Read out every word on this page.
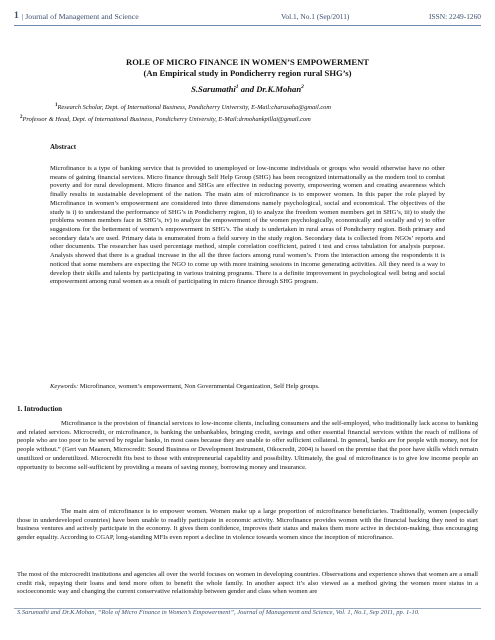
1 | Journal of Management and Science	Vol.1, No.1 (Sep/2011)	ISSN: 2249-1260
ROLE OF MICRO FINANCE IN WOMEN’S EMPOWERMENT
(An Empirical study in Pondicherry region rural SHG’s)
S.Sarumathi$^1$ and Dr.K.Mohan$^2$
$^1$Research Scholar, Dept. of International Business, Pondicherry University, E-Mail:charusaha@gmail.com
$^2$Professor & Head, Dept. of International Business, Pondicherry University, E-Mail:drmohankpillai@gmail.com
Abstract
Microfinance is a type of banking service that is provided to unemployed or low-income individuals or groups who would otherwise have no other means of gaining financial services. Micro finance through Self Help Group (SHG) has been recognized internationally as the modern tool to combat poverty and for rural development. Micro finance and SHGs are effective in reducing poverty, empowering women and creating awareness which finally results in sustainable development of the nation. The main aim of microfinance is to empower women. In this paper the role played by Microfinance in women’s empowerment are considered into three dimensions namely psychological, social and economical. The objectives of the study is i) to understand the performance of SHG’s in Pondicherry region, ii) to analyze the freedom women members get in SHG’s, iii) to study the problems women members face in SHG’s, iv) to analyze the empowerment of the women psychologically, economically and socially and v) to offer suggestions for the betterment of women’s empowerment in SHG’s. The study is undertaken in rural areas of Pondicherry region. Both primary and secondary data’s are used. Primary data is enumerated from a field survey in the study region. Secondary data is collected from NGOs’ reports and other documents. The researcher has used percentage method, simple correlation coefficient, paired t test and cross tabulation for analysis purpose. Analysis showed that there is a gradual increase in the all the three factors among rural women’s. From the interaction among the respondents it is noticed that some members are expecting the NGO to come up with more training sessions in income generating activities. All they need is a way to develop their skills and talents by participating in various training programs. There is a definite improvement in psychological well being and social empowerment among rural women as a result of participating in micro finance through SHG program.
Keywords: Microfinance, women’s empowerment, Non Governmental Organization, Self Help groups.
1. Introduction
Microfinance is the provision of financial services to low-income clients, including consumers and the self-employed, who traditionally lack access to banking and related services. Microcredit, or microfinance, is banking the unbankables, bringing credit, savings and other essential financial services within the reach of millions of people who are too poor to be served by regular banks, in most cases because they are unable to offer sufficient collateral. In general, banks are for people with money, not for people without.” (Gert van Maanen, Microcredit: Sound Business or Development Instrument, Oikocredit, 2004) is based on the premise that the poor have skills which remain unutilized or underutilized. Microcredit fits best to those with entrepreneurial capability and possibility. Ultimately, the goal of microfinance is to give low income people an opportunity to become self-sufficient by providing a means of saving money, borrowing money and insurance.
The main aim of microfinance is to empower women. Women make up a large proportion of microfinance beneficiaries. Traditionally, women (especially those in underdeveloped countries) have been unable to readily participate in economic activity. Microfinance provides women with the financial backing they need to start business ventures and actively participate in the economy. It gives them confidence, improves their status and makes them more active in decision-making, thus encouraging gender equality. According to CGAP, long-standing MFIs even report a decline in violence towards women since the inception of microfinance.
The most of the microcredit institutions and agencies all over the world focuses on women in developing countries. Observations and experience shows that women are a small credit risk, repaying their loans and tend more often to benefit the whole family. In another aspect it’s also viewed as a method giving the women more status in a socioeconomic way and changing the current conservative relationship between gender and class when women are
S.Sarumathi and Dr.K.Mohan, “Role of Micro Finance in Women’s Empowerment”, Journal of Management and Science, Vol. 1, No.1, Sep 2011, pp. 1-10.
